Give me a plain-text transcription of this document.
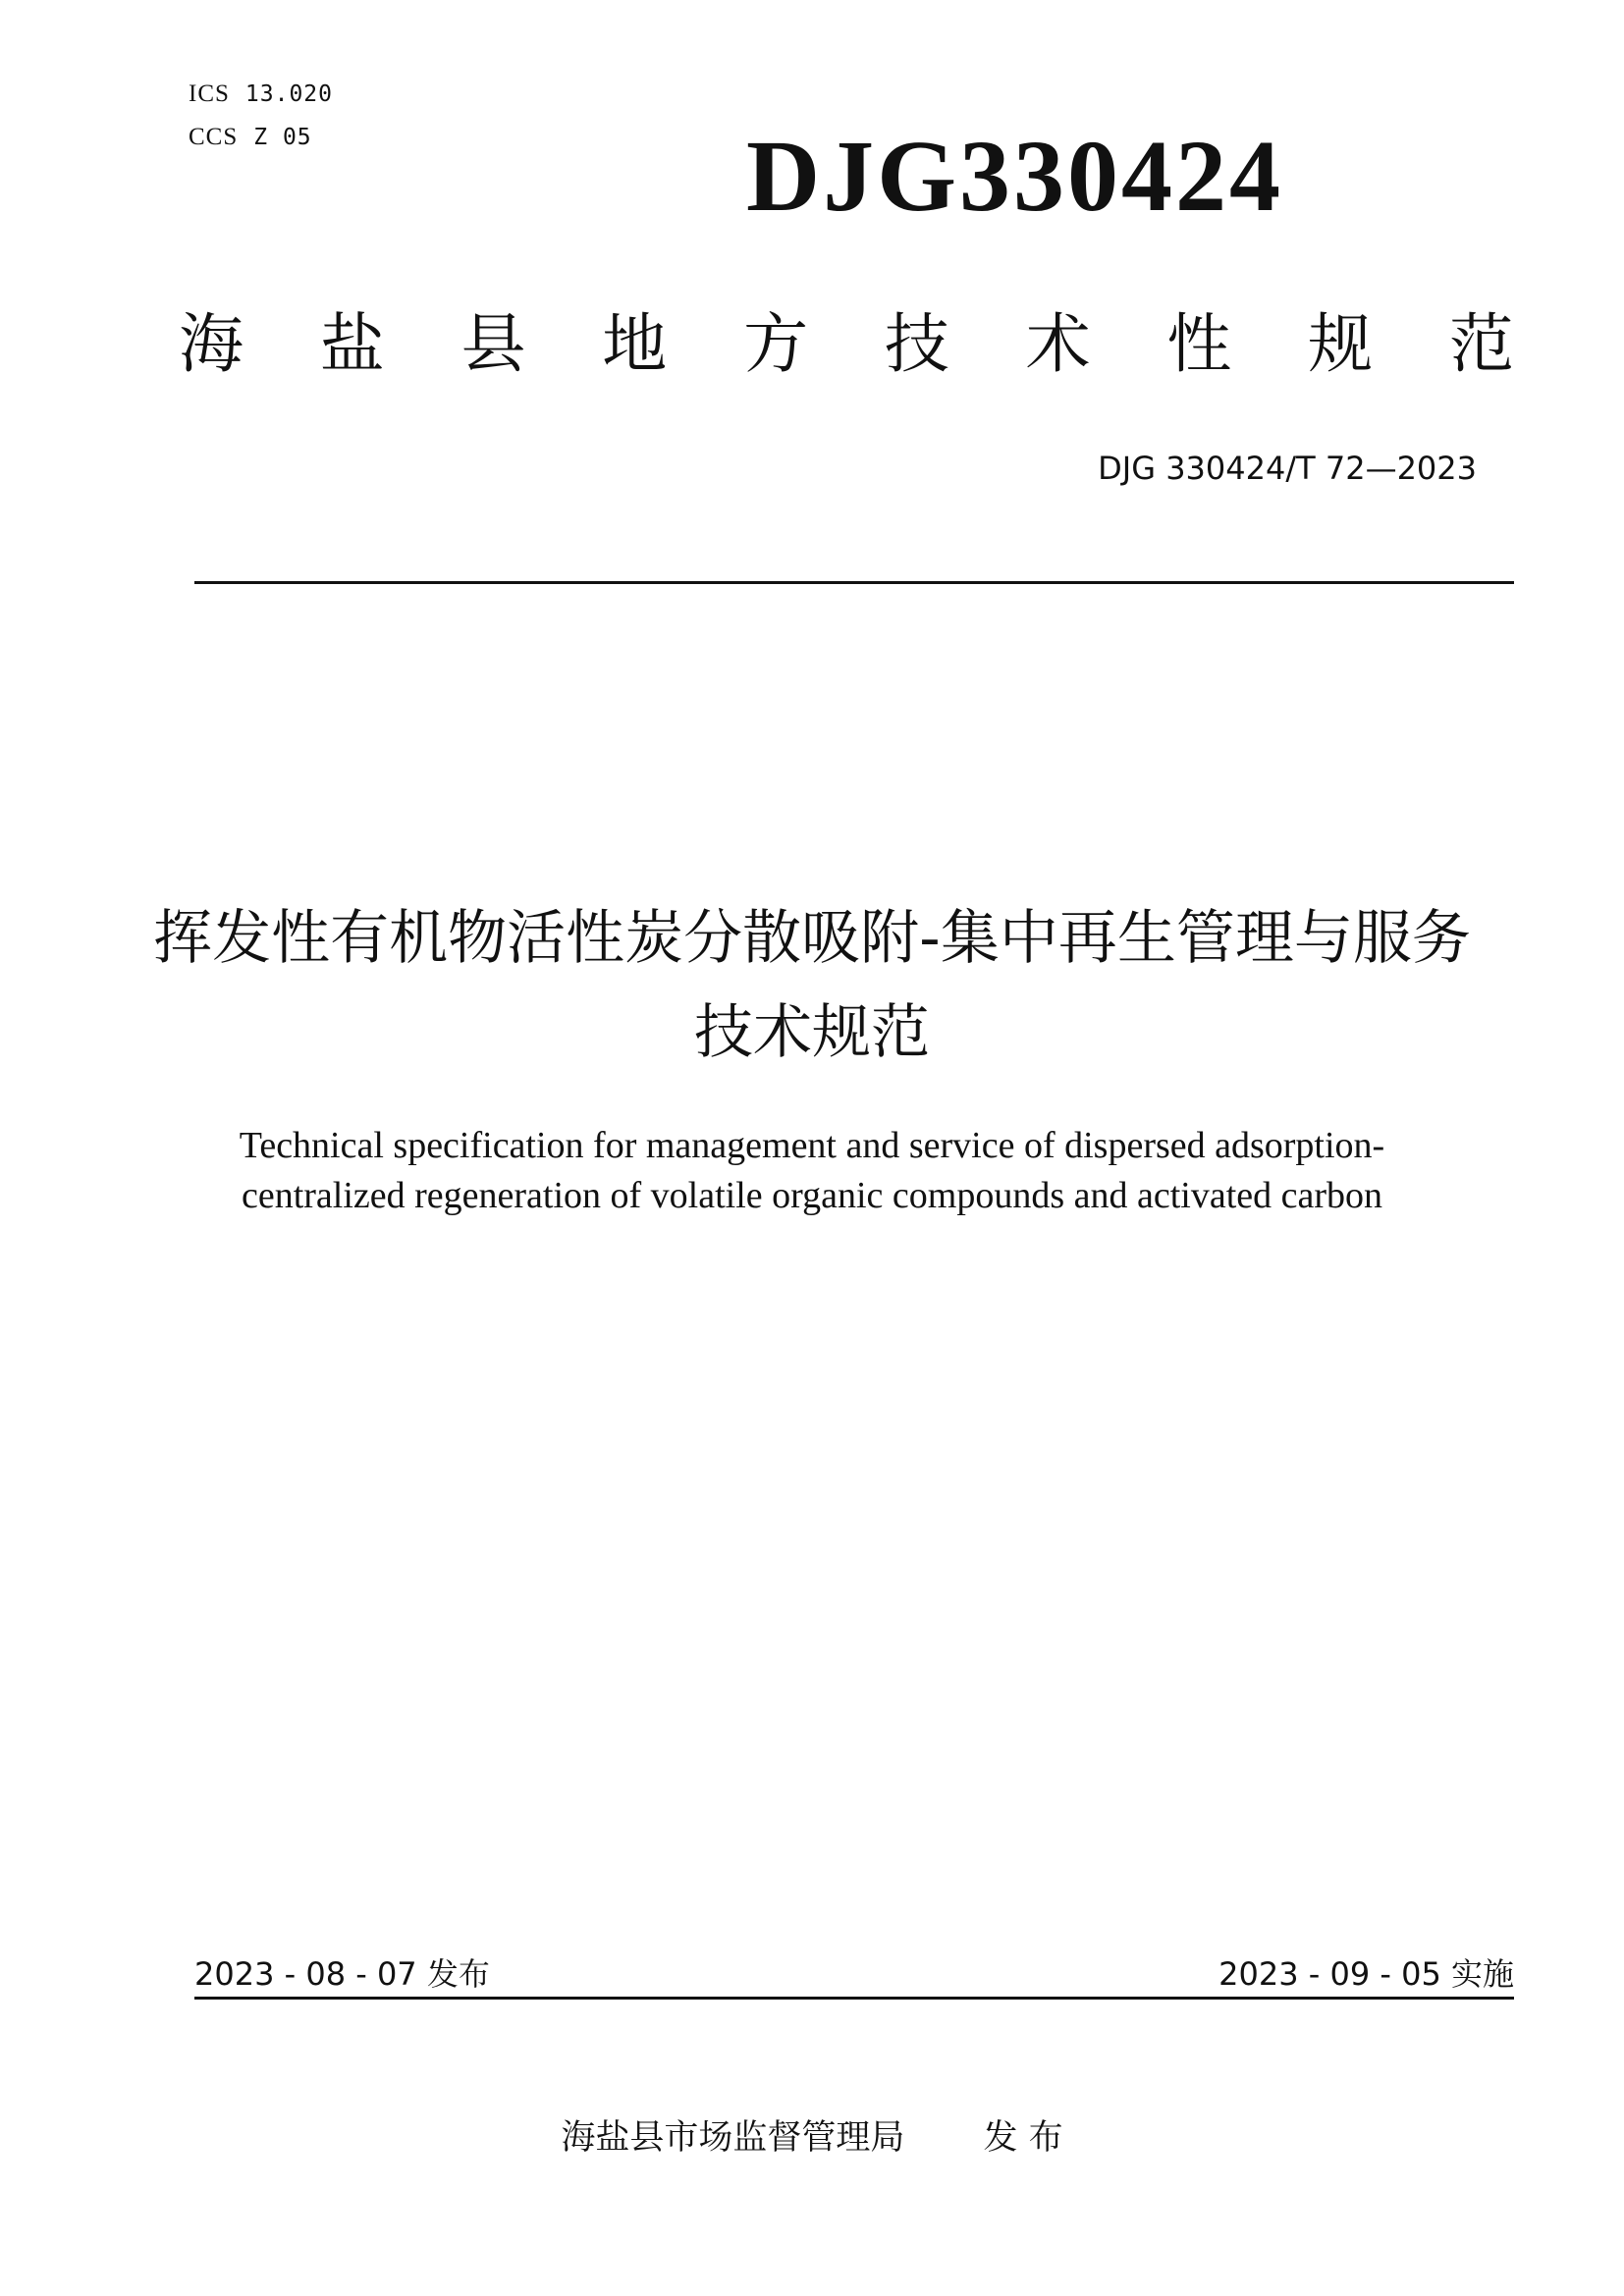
ICS 13.020
CCS Z 05	DJG330424
海 盐 县 地 方 技 术 性 规 范
DJG 330424/T 72—2023
挥发性有机物活性炭分散吸附-集中再生管理与服务技术规范
Technical specification for management and service of dispersed adsorption-centralized regeneration of volatile organic compounds and activated carbon
2023 - 08 - 07 发布	2023 - 09 - 05 实施
海盐县市场监督管理局 发 布
